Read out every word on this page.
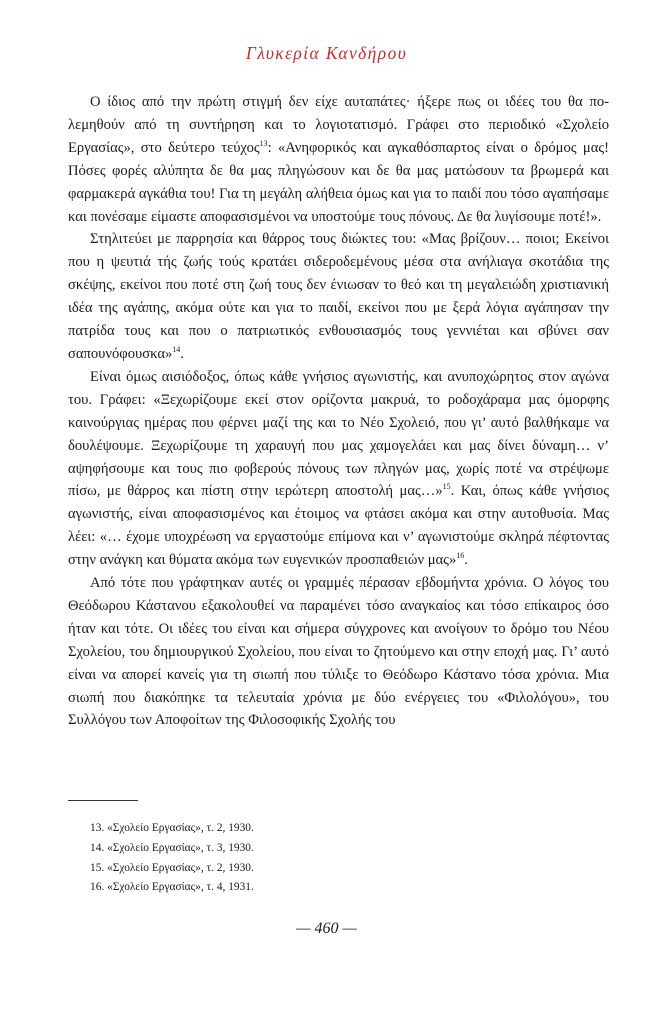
Γλυκερία Κανδήρου

Ο ίδιος από την πρώτη στιγμή δεν είχε αυταπάτες· ήξερε πως οι ιδέες του θα πολεμηθούν από τη συντήρηση και το λογιοτατισμό. Γράφει στο περιοδικό «Σχολείο Εργασίας», στο δεύτερο τεύχος$^{13}$: «Ανηφορικός και αγκαθόσπαρτος είναι ο δρόμος μας! Πόσες φορές αλύπητα δε θα μας πληγώσουν και δε θα μας ματώσουν τα βρωμερά και φαρμακερά αγκάθια του! Για τη μεγάλη αλήθεια όμως και για το παιδί που τόσο αγαπήσαμε και πονέσαμε είμαστε αποφασισμένοι να υποστούμε τους πόνους. Δε θα λυγίσουμε ποτέ!».

Στηλιτεύει με παρρησία και θάρρος τους διώκτες του: «Μας βρίζουν… ποιοι; Εκείνοι που η ψευτιά τής ζωής τούς κρατάει σιδεροδεμένους μέσα στα ανήλιαγα σκοτάδια της σκέψης, εκείνοι που ποτέ στη ζωή τους δεν ένιωσαν το θεό και τη μεγαλειώδη χριστιανική ιδέα της αγάπης, ακόμα ούτε και για το παιδί, εκείνοι που με ξερά λόγια αγάπησαν την πατρίδα τους και που ο πατριωτικός ενθουσιασμός τους γεννιέται και σβύνει σαν σαπουνόφουσκα»$^{14}$.

Είναι όμως αισιόδοξος, όπως κάθε γνήσιος αγωνιστής, και ανυποχώρητος στον αγώνα του. Γράφει: «Ξεχωρίζουμε εκεί στον ορίζοντα μακρυά, το ροδοχάραμα μας όμορφης καινούργιας ημέρας που φέρνει μαζί της και το Νέο Σχολειό, που γι’ αυτό βαλθήκαμε να δουλέψουμε. Ξεχωρίζουμε τη χαραυγή που μας χαμογελάει και μας δίνει δύναμη… ν’ αψηφήσουμε και τους πιο φοβερούς πόνους των πληγών μας, χωρίς ποτέ να στρέψωμε πίσω, με θάρρος και πίστη στην ιερώτερη αποστολή μας…»$^{15}$. Και, όπως κάθε γνήσιος αγωνιστής, είναι αποφασισμένος και έτοιμος να φτάσει ακόμα και στην αυτοθυσία. Μας λέει: «… έχομε υποχρέωση να εργαστούμε επίμονα και ν’ αγωνιστούμε σκληρά πέφτοντας στην ανάγκη και θύματα ακόμα των ευγενικών προσπαθειών μας»$^{16}$.

Από τότε που γράφτηκαν αυτές οι γραμμές πέρασαν εβδομήντα χρόνια. Ο λόγος του Θεόδωρου Κάστανου εξακολουθεί να παραμένει τόσο αναγκαίος και τόσο επίκαιρος όσο ήταν και τότε. Οι ιδέες του είναι και σήμερα σύγχρονες και ανοίγουν το δρόμο του Νέου Σχολείου, του δημιουργικού Σχολείου, που είναι το ζητούμενο και στην εποχή μας. Γι’ αυτό είναι να απορεί κανείς για τη σιωπή που τύλιξε το Θεόδωρο Κάστανο τόσα χρόνια. Μια σιωπή που διακόπηκε τα τελευταία χρόνια με δύο ενέργειες του «Φιλολόγου», του Συλλόγου των Αποφοίτων της Φιλοσοφικής Σχολής του

13. «Σχολείο Εργασίας», τ. 2, 1930.
14. «Σχολείο Εργασίας», τ. 3, 1930.
15. «Σχολείο Εργασίας», τ. 2, 1930.
16. «Σχολείο Εργασίας», τ. 4, 1931.
— 460 —
